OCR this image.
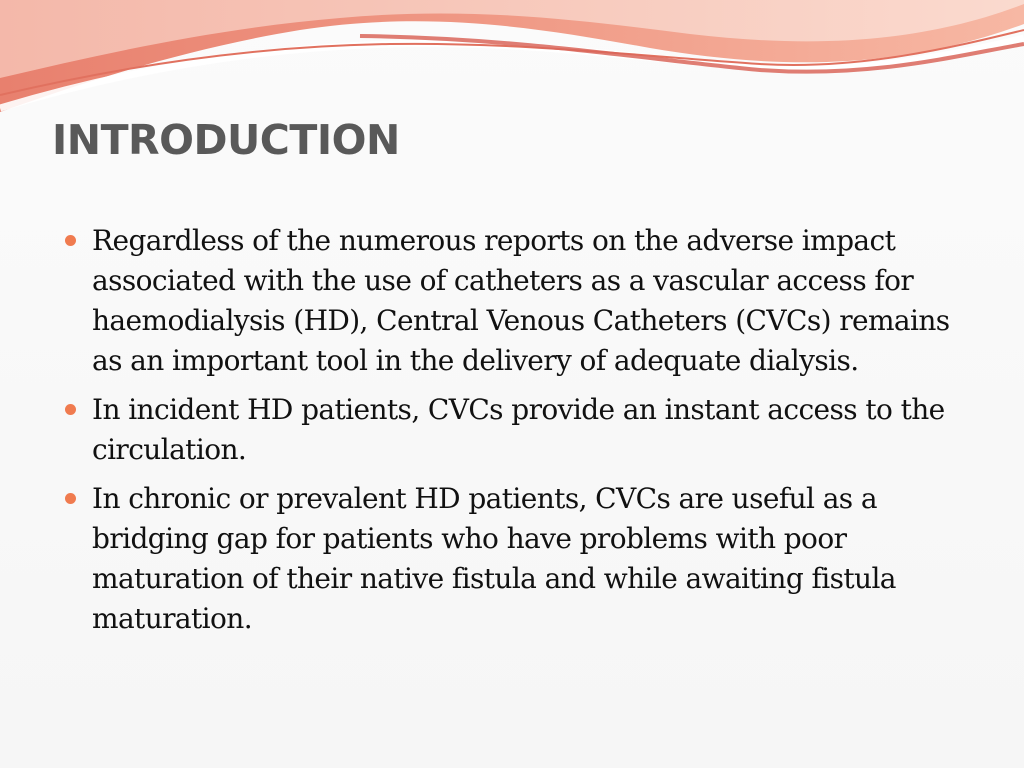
INTRODUCTION
Regardless of the numerous reports on the adverse impact associated with the use of catheters as a vascular access for haemodialysis (HD), Central Venous Catheters (CVCs) remains as an important tool in the delivery of adequate dialysis.
In incident HD patients, CVCs provide an instant access to the circulation.
In chronic or prevalent HD patients, CVCs are useful as a bridging gap for patients who have problems with poor maturation of their native fistula and while awaiting fistula maturation.
